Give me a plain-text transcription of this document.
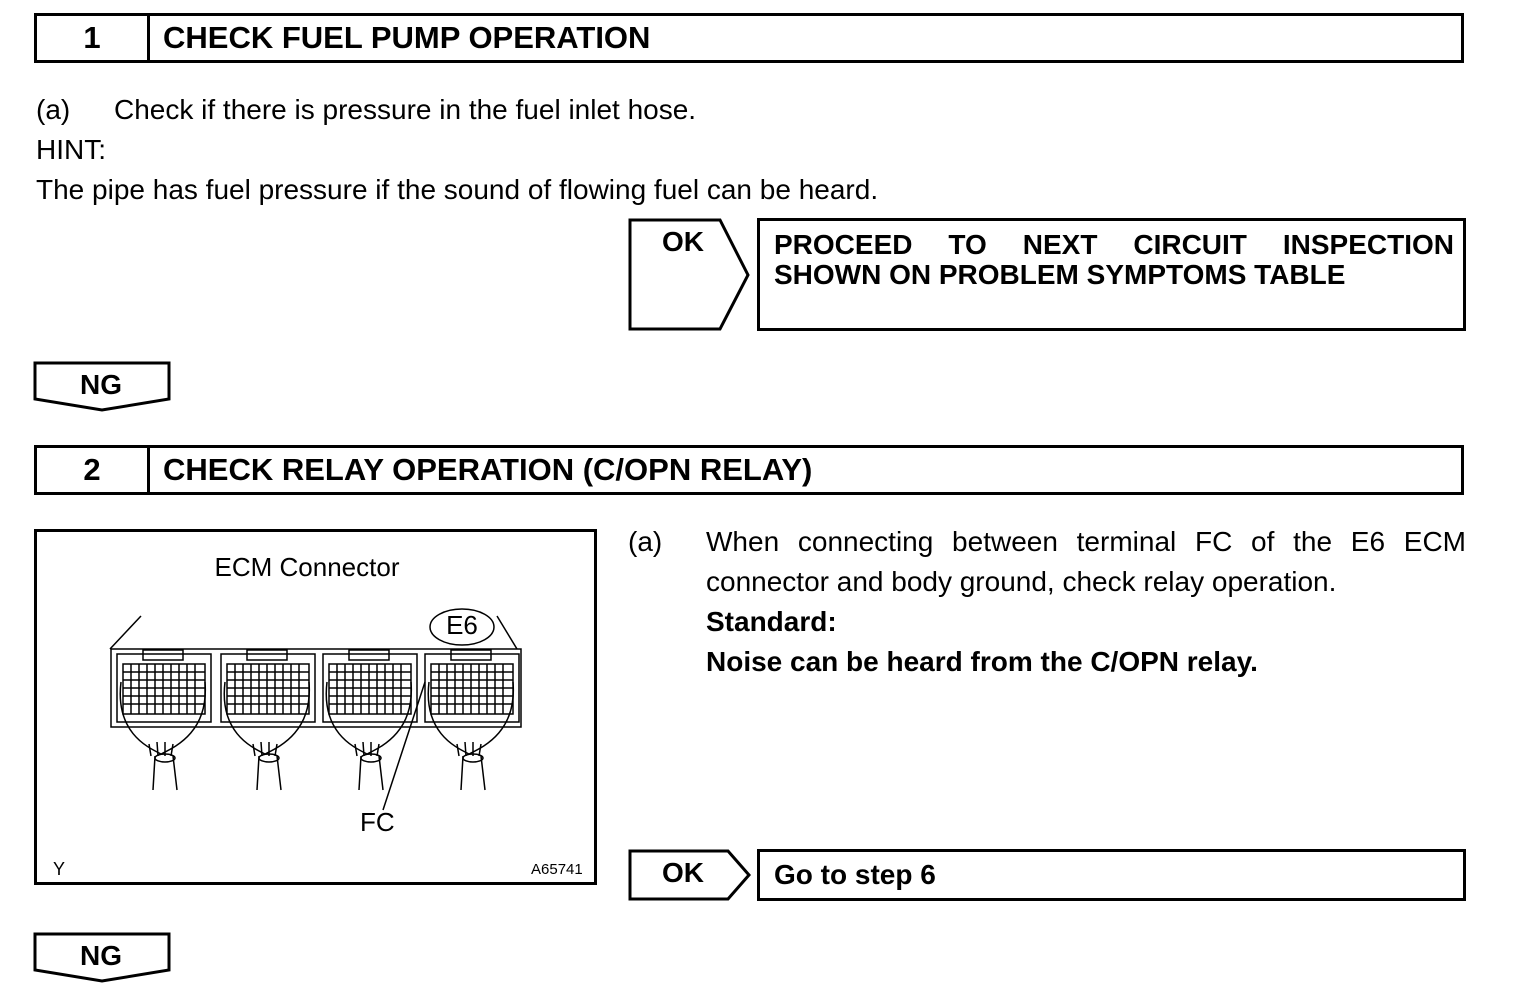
1	CHECK FUEL PUMP OPERATION
(a) Check if there is pressure in the fuel inlet hose.
HINT:
The pipe has fuel pressure if the sound of flowing fuel can be heard.
OK	PROCEED TO NEXT CIRCUIT INSPECTION
SHOWN ON PROBLEM SYMPTOMS TABLE
NG
2	CHECK RELAY OPERATION (C/OPN RELAY)
ECM Connector
E6
FC
Y	A65741
(a) When connecting between terminal FC of the E6 ECM
connector and body ground, check relay operation.
Standard:
Noise can be heard from the C/OPN relay.
OK	Go to step 6
NG
